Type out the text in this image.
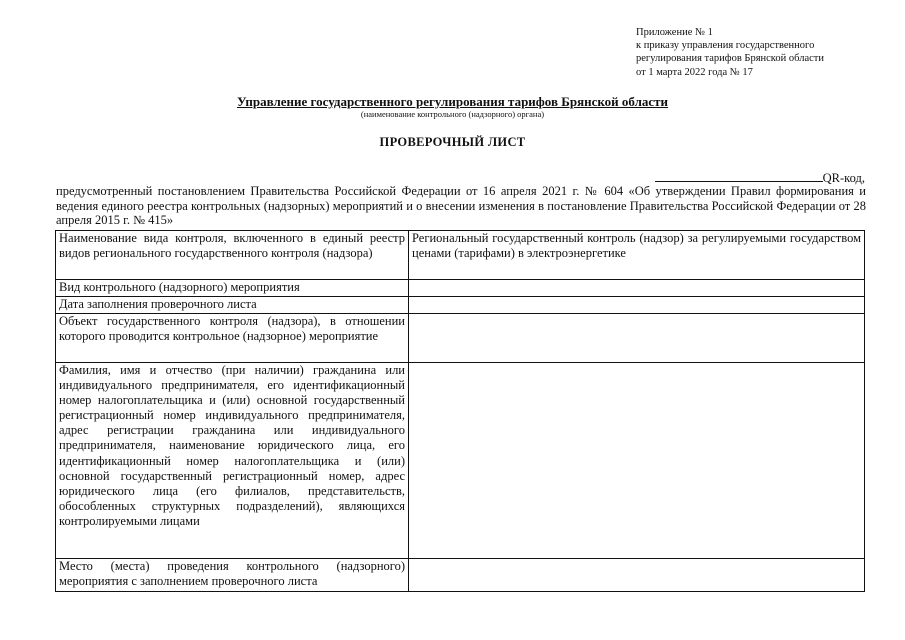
Приложение № 1
к приказу управления государственного
регулирования тарифов Брянской области
от 1 марта 2022 года № 17
Управление государственного регулирования тарифов Брянской области
(наименование контрольного (надзорного) органа)
ПРОВЕРОЧНЫЙ ЛИСТ
QR-код,
предусмотренный постановлением Правительства Российской Федерации от 16 апреля 2021 г. № 604 «Об утверждении Правил формирования и ведения единого реестра контрольных (надзорных) мероприятий и о внесении изменения в постановление Правительства Российской Федерации от 28 апреля 2015 г. № 415»
Наименование вида контроля, включенного в единый реестр видов регионального государственного контроля (надзора)	Региональный государственный контроль (надзор) за регулируемыми государством ценами (тарифами) в электроэнергетике
Вид контрольного (надзорного) мероприятия	
Дата заполнения проверочного листа	
Объект государственного контроля (надзора), в отношении которого проводится контрольное (надзорное) мероприятие	
Фамилия, имя и отчество (при наличии) гражданина или индивидуального предпринимателя, его идентификационный номер налогоплательщика и (или) основной государственный регистрационный номер индивидуального предпринимателя, адрес регистрации гражданина или индивидуального предпринимателя, наименование юридического лица, его идентификационный номер налогоплательщика и (или) основной государственный регистрационный номер, адрес юридического лица (его филиалов, представительств, обособленных структурных подразделений), являющихся контролируемыми лицами	
Место (места) проведения контрольного (надзорного) мероприятия с заполнением проверочного листа	
